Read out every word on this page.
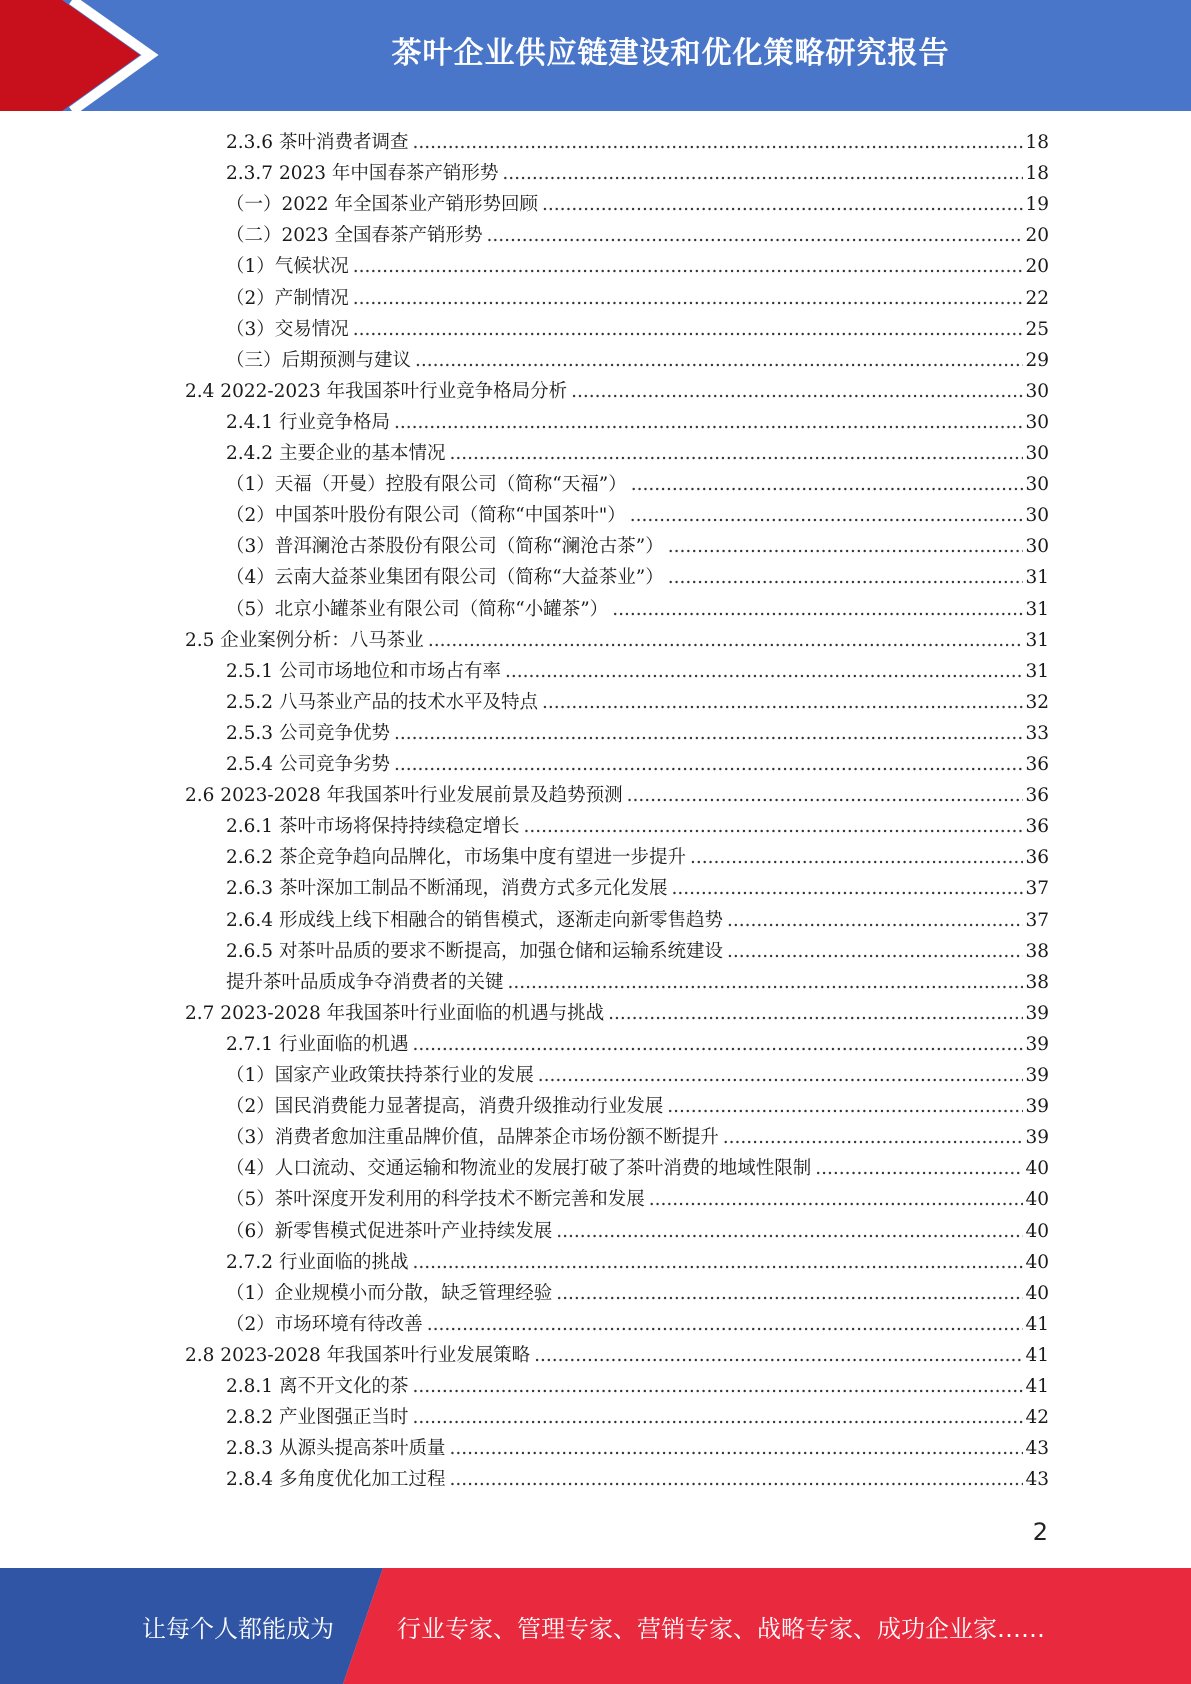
茶叶企业供应链建设和优化策略研究报告
2.3.6 茶叶消费者调查 .....	18
2.3.7 2023 年中国春茶产销形势 .....	18
（一）2022 年全国茶业产销形势回顾 .....	19
（二）2023 全国春茶产销形势 .....	20
（1）气候状况 .....	20
（2）产制情况 .....	22
（3）交易情况 .....	25
（三）后期预测与建议 .....	29
2.4 2022-2023 年我国茶叶行业竞争格局分析 .....	30
2.4.1 行业竞争格局 .....	30
2.4.2 主要企业的基本情况 .....	30
（1）天福（开曼）控股有限公司（简称“天福”） .....	30
（2）中国茶叶股份有限公司（简称“中国茶叶"） .....	30
（3）普洱澜沧古茶股份有限公司（简称“澜沧古茶”） .....	30
（4）云南大益茶业集团有限公司（简称“大益茶业”） .....	31
（5）北京小罐茶业有限公司（简称“小罐茶”） .....	31
2.5 企业案例分析：八马茶业 .....	31
2.5.1 公司市场地位和市场占有率 .....	31
2.5.2 八马茶业产品的技术水平及特点 .....	32
2.5.3 公司竞争优势 .....	33
2.5.4 公司竞争劣势 .....	36
2.6 2023-2028 年我国茶叶行业发展前景及趋势预测 .....	36
2.6.1 茶叶市场将保持持续稳定增长 .....	36
2.6.2 茶企竞争趋向品牌化，市场集中度有望进一步提升 .....	36
2.6.3 茶叶深加工制品不断涌现，消费方式多元化发展 .....	37
2.6.4 形成线上线下相融合的销售模式，逐渐走向新零售趋势 .....	37
2.6.5 对茶叶品质的要求不断提高，加强仓储和运输系统建设 .....	38
提升茶叶品质成争夺消费者的关键 .....	38
2.7 2023-2028 年我国茶叶行业面临的机遇与挑战 .....	39
2.7.1 行业面临的机遇 .....	39
（1）国家产业政策扶持茶行业的发展 .....	39
（2）国民消费能力显著提高，消费升级推动行业发展 .....	39
（3）消费者愈加注重品牌价值，品牌茶企市场份额不断提升 .....	39
（4）人口流动、交通运输和物流业的发展打破了茶叶消费的地域性限制 .....	40
（5）茶叶深度开发利用的科学技术不断完善和发展 .....	40
（6）新零售模式促进茶叶产业持续发展 .....	40
2.7.2 行业面临的挑战 .....	40
（1）企业规模小而分散，缺乏管理经验 .....	40
（2）市场环境有待改善 .....	41
2.8 2023-2028 年我国茶叶行业发展策略 .....	41
2.8.1 离不开文化的茶 .....	41
2.8.2 产业图强正当时 .....	42
2.8.3 从源头提高茶叶质量 .....	43
2.8.4 多角度优化加工过程 .....	43
2
让每个人都能成为	行业专家、管理专家、营销专家、战略专家、成功企业家……
